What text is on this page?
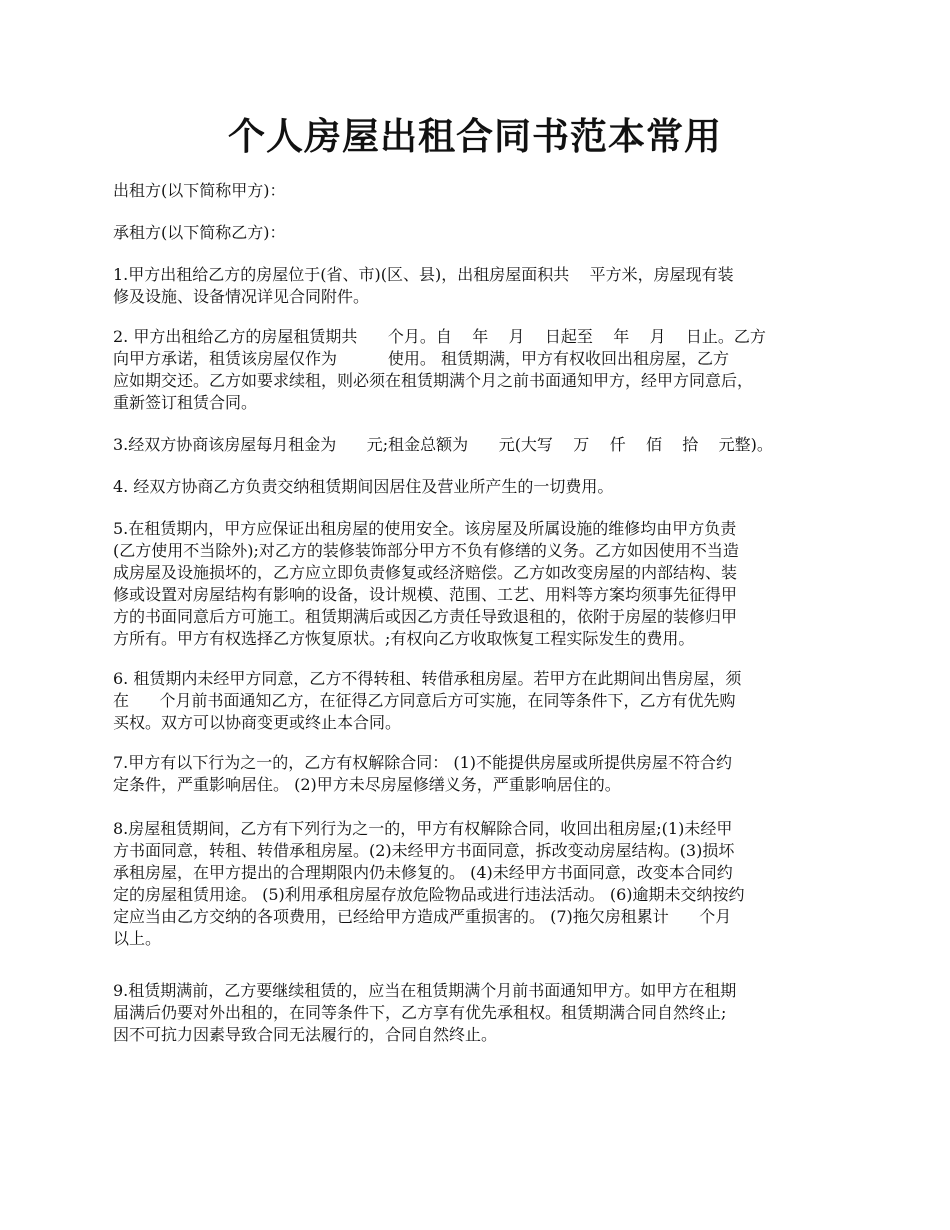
个人房屋出租合同书范本常用
出租方(以下简称甲方)：
承租方(以下简称乙方)：
1.甲方出租给乙方的房屋位于(省、市)(区、县)，出租房屋面积共    平方米，房屋现有装
修及设施、设备情况详见合同附件。
2. 甲方出租给乙方的房屋租赁期共      个月。自    年    月    日起至    年    月    日止。乙方
向甲方承诺，租赁该房屋仅作为          使用。 租赁期满，甲方有权收回出租房屋，乙方
应如期交还。乙方如要求续租，则必须在租赁期满个月之前书面通知甲方，经甲方同意后，
重新签订租赁合同。
3.经双方协商该房屋每月租金为      元;租金总额为      元(大写    万    仟    佰    拾    元整)。
4. 经双方协商乙方负责交纳租赁期间因居住及营业所产生的一切费用。
5.在租赁期内，甲方应保证出租房屋的使用安全。该房屋及所属设施的维修均由甲方负责
(乙方使用不当除外);对乙方的装修装饰部分甲方不负有修缮的义务。乙方如因使用不当造
成房屋及设施损坏的，乙方应立即负责修复或经济赔偿。乙方如改变房屋的内部结构、装
修或设置对房屋结构有影响的设备，设计规模、范围、工艺、用料等方案均须事先征得甲
方的书面同意后方可施工。租赁期满后或因乙方责任导致退租的，依附于房屋的装修归甲
方所有。甲方有权选择乙方恢复原状。;有权向乙方收取恢复工程实际发生的费用。
6. 租赁期内未经甲方同意，乙方不得转租、转借承租房屋。若甲方在此期间出售房屋，须
在      个月前书面通知乙方，在征得乙方同意后方可实施，在同等条件下，乙方有优先购
买权。双方可以协商变更或终止本合同。
7.甲方有以下行为之一的，乙方有权解除合同： (1)不能提供房屋或所提供房屋不符合约
定条件，严重影响居住。 (2)甲方未尽房屋修缮义务，严重影响居住的。
8.房屋租赁期间，乙方有下列行为之一的，甲方有权解除合同，收回出租房屋;(1)未经甲
方书面同意，转租、转借承租房屋。(2)未经甲方书面同意，拆改变动房屋结构。(3)损坏
承租房屋，在甲方提出的合理期限内仍未修复的。 (4)未经甲方书面同意，改变本合同约
定的房屋租赁用途。 (5)利用承租房屋存放危险物品或进行违法活动。 (6)逾期未交纳按约
定应当由乙方交纳的各项费用，已经给甲方造成严重损害的。 (7)拖欠房租累计      个月
以上。
9.租赁期满前，乙方要继续租赁的，应当在租赁期满个月前书面通知甲方。如甲方在租期
届满后仍要对外出租的，在同等条件下，乙方享有优先承租权。租赁期满合同自然终止;
因不可抗力因素导致合同无法履行的，合同自然终止。
